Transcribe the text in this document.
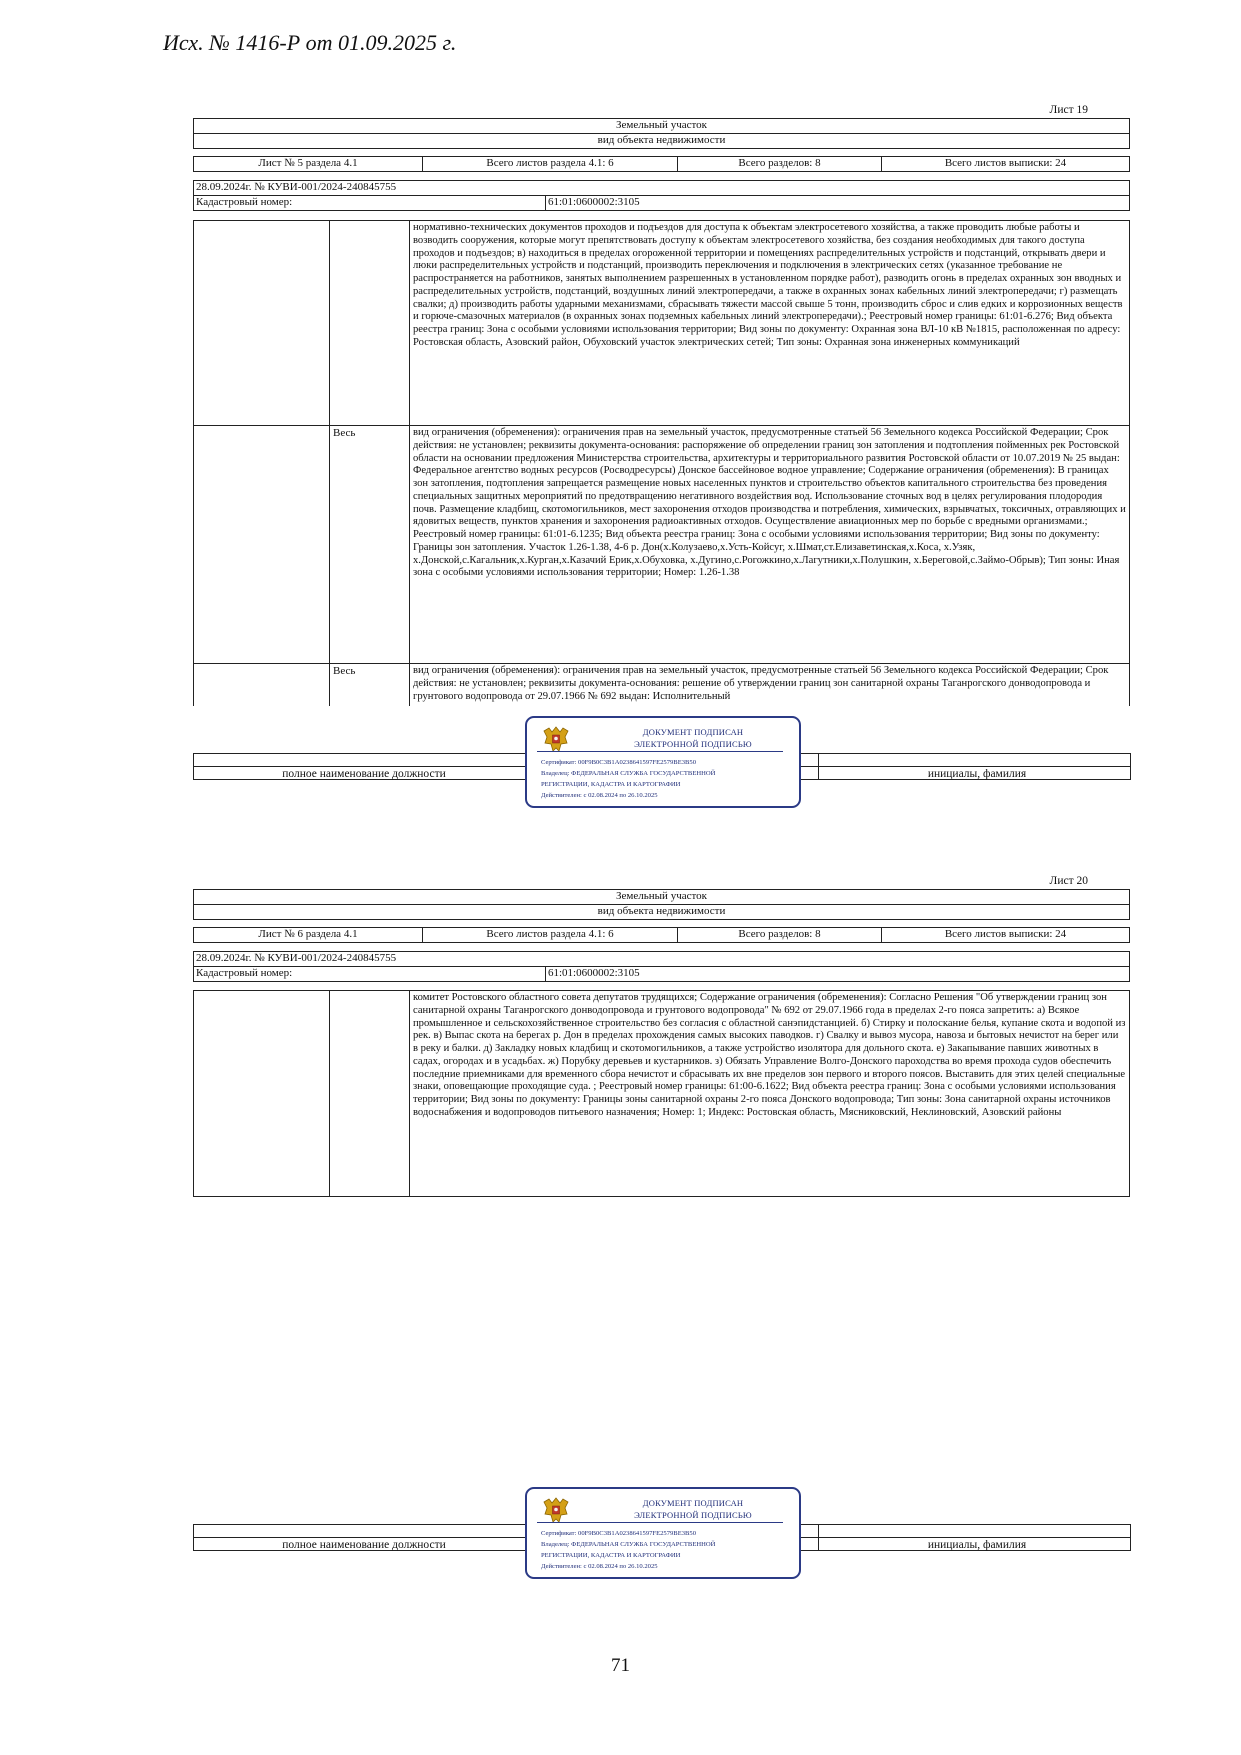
Исх. № 1416-Р от 01.09.2025 г.
Лист 19
Земельный участок
вид объекта недвижимости
Лист № 5 раздела 4.1	Всего листов раздела 4.1: 6	Всего разделов: 8	Всего листов выписки: 24
28.09.2024г. № КУВИ-001/2024-240845755
Кадастровый номер:	61:01:0600002:3105
		нормативно-технических документов проходов и подъездов для доступа к объектам электросетевого хозяйства, а также проводить любые работы и возводить сооружения, которые могут препятствовать доступу к объектам электросетевого хозяйства, без создания необходимых для такого доступа проходов и подъездов; в) находиться в пределах огороженной территории и помещениях распределительных устройств и подстанций, открывать двери и люки распределительных устройств и подстанций, производить переключения и подключения в электрических сетях (указанное требование не распространяется на работников, занятых выполнением разрешенных в установленном порядке работ), разводить огонь в пределах охранных зон вводных и распределительных устройств, подстанций, воздушных линий электропередачи, а также в охранных зонах кабельных линий электропередачи; г) размещать свалки; д) производить работы ударными механизмами, сбрасывать тяжести массой свыше 5 тонн, производить сброс и слив едких и коррозионных веществ и горюче-смазочных материалов (в охранных зонах подземных кабельных линий электропередачи).; Реестровый номер границы: 61:01-6.276; Вид объекта реестра границ: Зона с особыми условиями использования территории; Вид зоны по документу: Охранная зона ВЛ-10 кВ №1815, расположенная по адресу: Ростовская область, Азовский район, Обуховский участок электрических сетей; Тип зоны: Охранная зона инженерных коммуникаций
	Весь	вид ограничения (обременения): ограничения прав на земельный участок, предусмотренные статьей 56 Земельного кодекса Российской Федерации; Срок действия: не установлен; реквизиты документа-основания: распоряжение об определении границ зон затопления и подтопления пойменных рек Ростовской области на основании предложения Министерства строительства, архитектуры и территориального развития Ростовской области от 10.07.2019 № 25 выдан: Федеральное агентство водных ресурсов (Росводресурсы) Донское бассейновое водное управление; Содержание ограничения (обременения): В границах зон затопления, подтопления запрещается размещение новых населенных пунктов и строительство объектов капитального строительства без проведения специальных защитных мероприятий по предотвращению негативного воздействия вод. Использование сточных вод в целях регулирования плодородия почв. Размещение кладбищ, скотомогильников, мест захоронения отходов производства и потребления, химических, взрывчатых, токсичных, отравляющих и ядовитых веществ, пунктов хранения и захоронения радиоактивных отходов. Осуществление авиационных мер по борьбе с вредными организмами.; Реестровый номер границы: 61:01-6.1235; Вид объекта реестра границ: Зона с особыми условиями использования территории; Вид зоны по документу: Границы зон затопления. Участок 1.26-1.38, 4-6 р. Дон(х.Колузаево,х.Усть-Койсуг, х.Шмат,ст.Елизаветинская,х.Коса, х.Узяк, х.Донской,с.Кагальник,х.Курган,х.Казачий Ерик,х.Обуховка, х.Дугино,с.Рогожкино,х.Лагутники,х.Полушкин, х.Береговой,с.Займо-Обрыв); Тип зоны: Иная зона с особыми условиями использования территории; Номер: 1.26-1.38
	Весь	вид ограничения (обременения): ограничения прав на земельный участок, предусмотренные статьей 56 Земельного кодекса Российской Федерации; Срок действия: не установлен; реквизиты документа-основания: решение об утверждении границ зон санитарной охраны Таганрогского донводопровода и грунтового водопровода от 29.07.1966 № 692 выдан: Исполнительный
полное наименование должности	инициалы, фамилия
ДОКУМЕНТ ПОДПИСАН
ЭЛЕКТРОННОЙ ПОДПИСЬЮ
Сертификат: 00F9B0C3B1A0238641597FE2579BE3B50
Владелец: ФЕДЕРАЛЬНАЯ СЛУЖБА ГОСУДАРСТВЕННОЙ
РЕГИСТРАЦИИ, КАДАСТРА И КАРТОГРАФИИ
Действителен: с 02.08.2024 по 26.10.2025
Лист 20
Земельный участок
вид объекта недвижимости
Лист № 6 раздела 4.1	Всего листов раздела 4.1: 6	Всего разделов: 8	Всего листов выписки: 24
28.09.2024г. № КУВИ-001/2024-240845755
Кадастровый номер:	61:01:0600002:3105
		комитет Ростовского областного совета депутатов трудящихся; Содержание ограничения (обременения): Согласно Решения "Об утверждении границ зон санитарной охраны Таганрогского донводопровода и грунтового водопровода" № 692 от 29.07.1966 года в пределах 2-го пояса запретить: а) Всякое промышленное и сельскохозяйственное строительство без согласия с областной санэпидстанцией. б) Стирку и полоскание белья, купание скота и водопой из рек. в) Выпас скота на берегах р. Дон в пределах прохождения самых высоких паводков. г) Свалку и вывоз мусора, навоза и бытовых нечистот на берег или в реку и балки. д) Закладку новых кладбищ и скотомогильников, а также устройство изолятора для дольного скота. е) Закапывание павших животных в садах, огородах и в усадьбах. ж) Порубку деревьев и кустарников. з) Обязать Управление Волго-Донского пароходства во время прохода судов обеспечить последние приемниками для временного сбора нечистот и сбрасывать их вне пределов зон первого и второго поясов. Выставить для этих целей специальные знаки, оповещающие проходящие суда. ; Реестровый номер границы: 61:00-6.1622; Вид объекта реестра границ: Зона с особыми условиями использования территории; Вид зоны по документу: Границы зоны санитарной охраны 2-го пояса Донского водопровода; Тип зоны: Зона санитарной охраны источников водоснабжения и водопроводов питьевого назначения; Номер: 1; Индекс: Ростовская область, Мясниковский, Неклиновский, Азовский районы
полное наименование должности	инициалы, фамилия
ДОКУМЕНТ ПОДПИСАН
ЭЛЕКТРОННОЙ ПОДПИСЬЮ
Сертификат: 00F9B0C3B1A0238641597FE2579BE3B50
Владелец: ФЕДЕРАЛЬНАЯ СЛУЖБА ГОСУДАРСТВЕННОЙ
РЕГИСТРАЦИИ, КАДАСТРА И КАРТОГРАФИИ
Действителен: с 02.08.2024 по 26.10.2025
71
